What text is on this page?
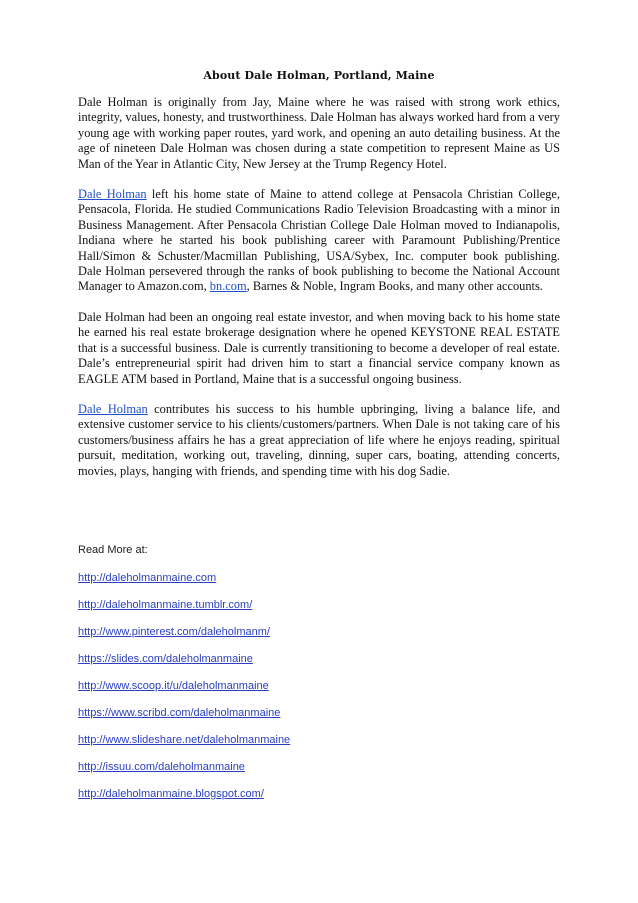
About Dale Holman, Portland, Maine

Dale Holman is originally from Jay, Maine where he was raised with strong work ethics, integrity, values, honesty, and trustworthiness. Dale Holman has always worked hard from a very young age with working paper routes, yard work, and opening an auto detailing business. At the age of nineteen Dale Holman was chosen during a state competition to represent Maine as US Man of the Year in Atlantic City, New Jersey at the Trump Regency Hotel.

Dale Holman left his home state of Maine to attend college at Pensacola Christian College, Pensacola, Florida. He studied Communications Radio Television Broadcasting with a minor in Business Management. After Pensacola Christian College Dale Holman moved to Indianapolis, Indiana where he started his book publishing career with Paramount Publishing/Prentice Hall/Simon & Schuster/Macmillan Publishing, USA/Sybex, Inc. computer book publishing. Dale Holman persevered through the ranks of book publishing to become the National Account Manager to Amazon.com, bn.com, Barnes & Noble, Ingram Books, and many other accounts.

Dale Holman had been an ongoing real estate investor, and when moving back to his home state he earned his real estate brokerage designation where he opened KEYSTONE REAL ESTATE that is a successful business. Dale is currently transitioning to become a developer of real estate. Dale’s entrepreneurial spirit had driven him to start a financial service company known as EAGLE ATM based in Portland, Maine that is a successful ongoing business.

Dale Holman contributes his success to his humble upbringing, living a balance life, and extensive customer service to his clients/customers/partners. When Dale is not taking care of his customers/business affairs he has a great appreciation of life where he enjoys reading, spiritual pursuit, meditation, working out, traveling, dinning, super cars, boating, attending concerts, movies, plays, hanging with friends, and spending time with his dog Sadie.

Read More at:
http://daleholmanmaine.com
http://daleholmanmaine.tumblr.com/
http://www.pinterest.com/daleholmanm/
https://slides.com/daleholmanmaine
http://www.scoop.it/u/daleholmanmaine
https://www.scribd.com/daleholmanmaine
http://www.slideshare.net/daleholmanmaine
http://issuu.com/daleholmanmaine
http://daleholmanmaine.blogspot.com/
